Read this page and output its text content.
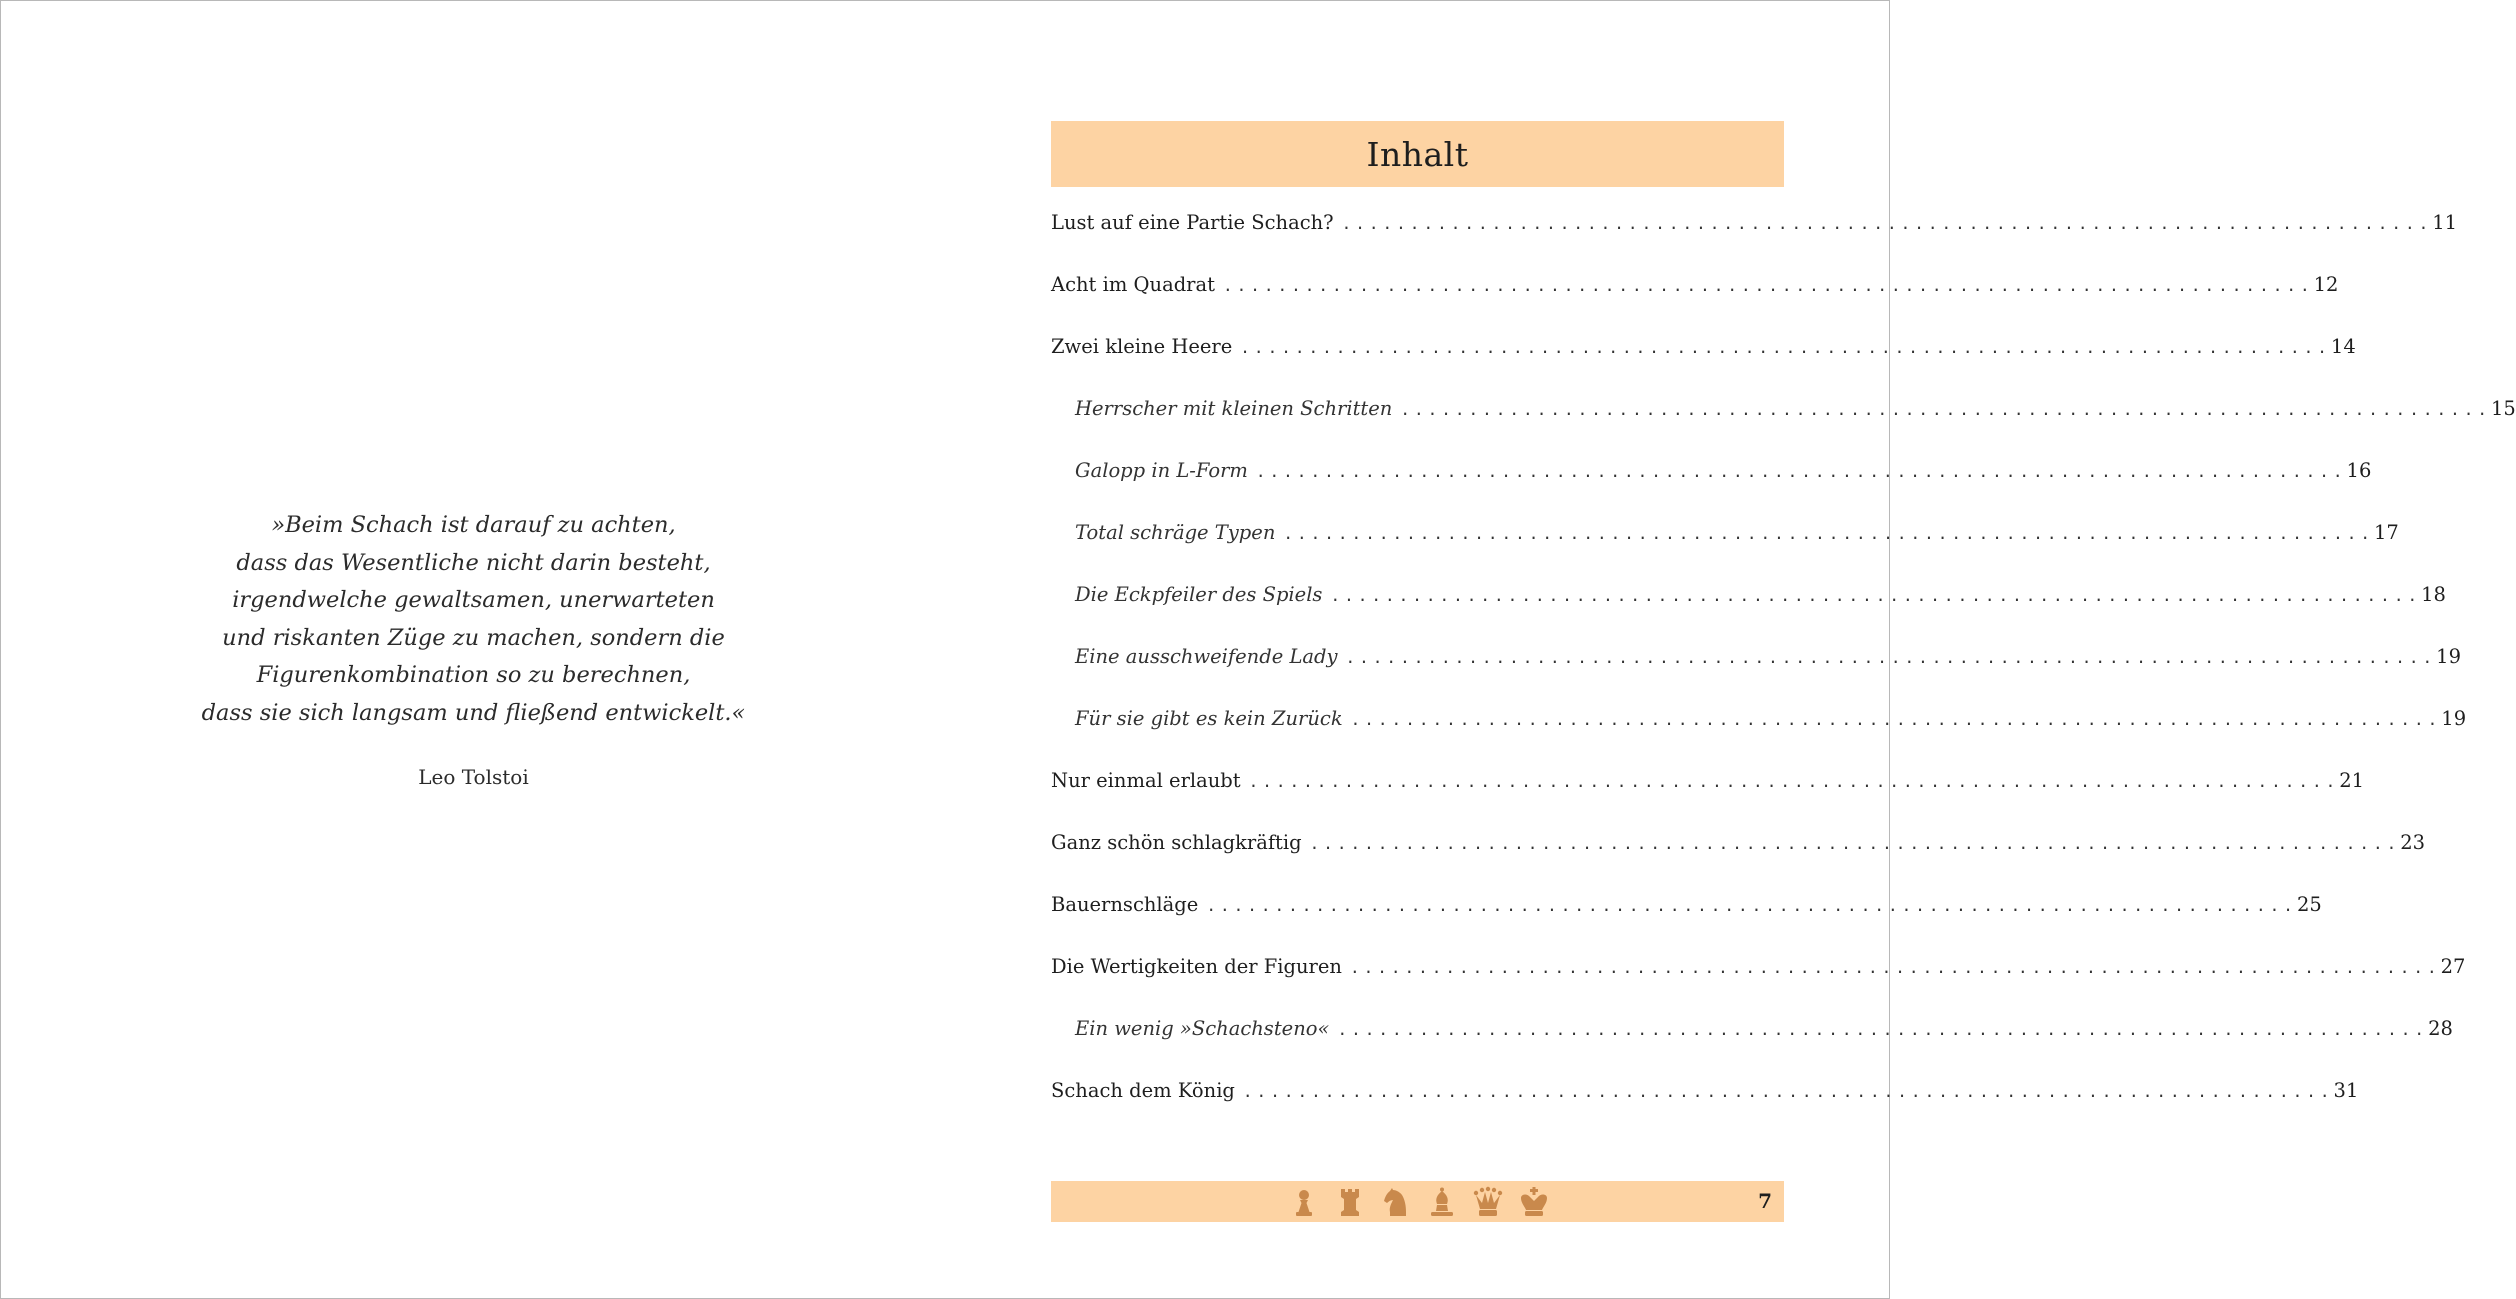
»Beim Schach ist darauf zu achten,
dass das Wesentliche nicht darin besteht,
irgendwelche gewaltsamen, unerwarteten
und riskanten Züge zu machen, sondern die
Figurenkombination so zu berechnen,
dass sie sich langsam und fließend entwickelt.«
Leo Tolstoi
Inhalt
Lust auf eine Partie Schach? ................................................................................ 11
Acht im Quadrat ................................................................................ 12
Zwei kleine Heere ................................................................................ 14
Herrscher mit kleinen Schritten ................................................................................ 15
Galopp in L-Form ................................................................................ 16
Total schräge Typen ................................................................................ 17
Die Eckpfeiler des Spiels ................................................................................ 18
Eine ausschweifende Lady ................................................................................ 19
Für sie gibt es kein Zurück ................................................................................ 19
Nur einmal erlaubt ................................................................................ 21
Ganz schön schlagkräftig ................................................................................ 23
Bauernschläge ................................................................................ 25
Die Wertigkeiten der Figuren ................................................................................ 27
Ein wenig »Schachsteno« ................................................................................ 28
Schach dem König ................................................................................ 31
7
